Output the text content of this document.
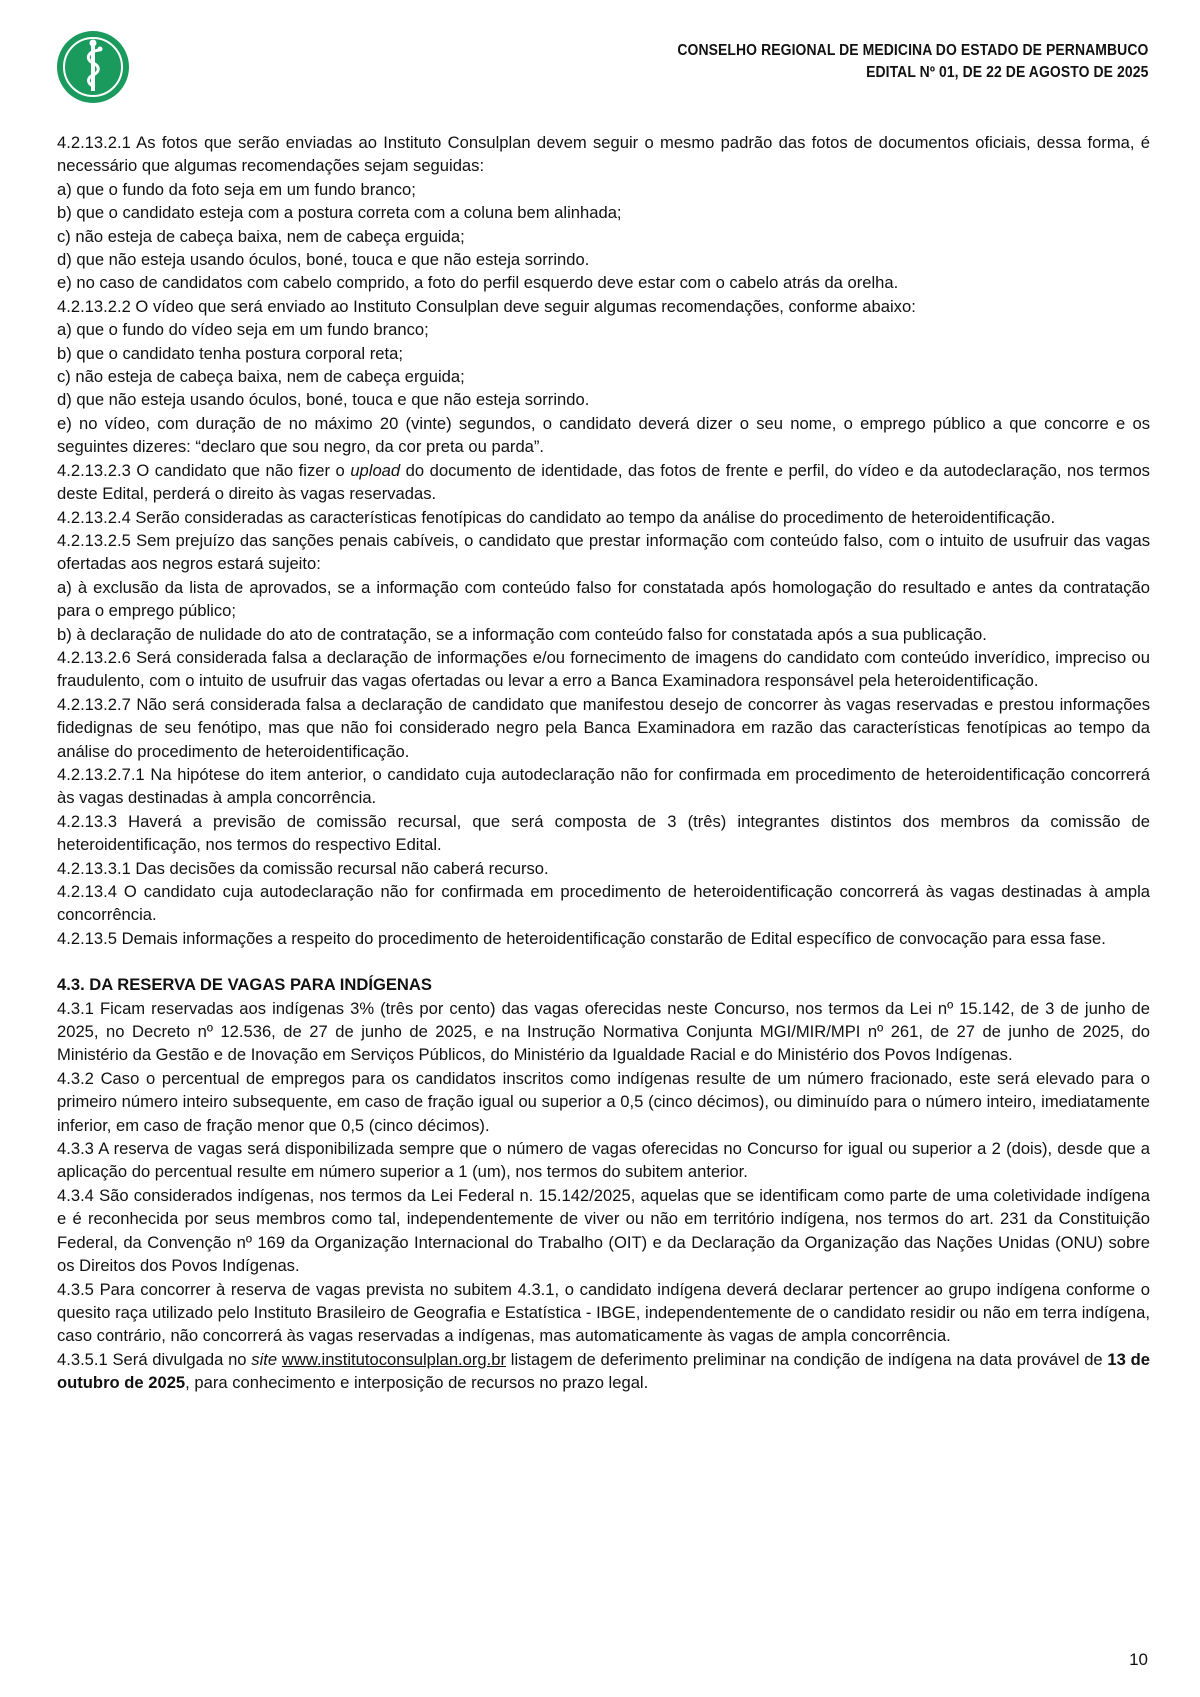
CONSELHO REGIONAL DE MEDICINA DO ESTADO DE PERNAMBUCO
EDITAL Nº 01, DE 22 DE AGOSTO DE 2025

4.2.13.2.1 As fotos que serão enviadas ao Instituto Consulplan devem seguir o mesmo padrão das fotos de documentos oficiais, dessa forma, é necessário que algumas recomendações sejam seguidas:

a) que o fundo da foto seja em um fundo branco;

b) que o candidato esteja com a postura correta com a coluna bem alinhada;

c) não esteja de cabeça baixa, nem de cabeça erguida;

d) que não esteja usando óculos, boné, touca e que não esteja sorrindo.

e) no caso de candidatos com cabelo comprido, a foto do perfil esquerdo deve estar com o cabelo atrás da orelha.

4.2.13.2.2 O vídeo que será enviado ao Instituto Consulplan deve seguir algumas recomendações, conforme abaixo:

a) que o fundo do vídeo seja em um fundo branco;

b) que o candidato tenha postura corporal reta;

c) não esteja de cabeça baixa, nem de cabeça erguida;

d) que não esteja usando óculos, boné, touca e que não esteja sorrindo.

e) no vídeo, com duração de no máximo 20 (vinte) segundos, o candidato deverá dizer o seu nome, o emprego público a que concorre e os seguintes dizeres: “declaro que sou negro, da cor preta ou parda”.

4.2.13.2.3 O candidato que não fizer o upload do documento de identidade, das fotos de frente e perfil, do vídeo e da autodeclaração, nos termos deste Edital, perderá o direito às vagas reservadas.

4.2.13.2.4 Serão consideradas as características fenotípicas do candidato ao tempo da análise do procedimento de heteroidentificação.

4.2.13.2.5 Sem prejuízo das sanções penais cabíveis, o candidato que prestar informação com conteúdo falso, com o intuito de usufruir das vagas ofertadas aos negros estará sujeito:

a) à exclusão da lista de aprovados, se a informação com conteúdo falso for constatada após homologação do resultado e antes da contratação para o emprego público;

b) à declaração de nulidade do ato de contratação, se a informação com conteúdo falso for constatada após a sua publicação.

4.2.13.2.6 Será considerada falsa a declaração de informações e/ou fornecimento de imagens do candidato com conteúdo inverídico, impreciso ou fraudulento, com o intuito de usufruir das vagas ofertadas ou levar a erro a Banca Examinadora responsável pela heteroidentificação.

4.2.13.2.7 Não será considerada falsa a declaração de candidato que manifestou desejo de concorrer às vagas reservadas e prestou informações fidedignas de seu fenótipo, mas que não foi considerado negro pela Banca Examinadora em razão das características fenotípicas ao tempo da análise do procedimento de heteroidentificação.

4.2.13.2.7.1 Na hipótese do item anterior, o candidato cuja autodeclaração não for confirmada em procedimento de heteroidentificação concorrerá às vagas destinadas à ampla concorrência.

4.2.13.3 Haverá a previsão de comissão recursal, que será composta de 3 (três) integrantes distintos dos membros da comissão de heteroidentificação, nos termos do respectivo Edital.

4.2.13.3.1 Das decisões da comissão recursal não caberá recurso.

4.2.13.4 O candidato cuja autodeclaração não for confirmada em procedimento de heteroidentificação concorrerá às vagas destinadas à ampla concorrência.

4.2.13.5 Demais informações a respeito do procedimento de heteroidentificação constarão de Edital específico de convocação para essa fase.

4.3. DA RESERVA DE VAGAS PARA INDÍGENAS

4.3.1 Ficam reservadas aos indígenas 3% (três por cento) das vagas oferecidas neste Concurso, nos termos da Lei nº 15.142, de 3 de junho de 2025, no Decreto nº 12.536, de 27 de junho de 2025, e na Instrução Normativa Conjunta MGI/MIR/MPI nº 261, de 27 de junho de 2025, do Ministério da Gestão e de Inovação em Serviços Públicos, do Ministério da Igualdade Racial e do Ministério dos Povos Indígenas.

4.3.2 Caso o percentual de empregos para os candidatos inscritos como indígenas resulte de um número fracionado, este será elevado para o primeiro número inteiro subsequente, em caso de fração igual ou superior a 0,5 (cinco décimos), ou diminuído para o número inteiro, imediatamente inferior, em caso de fração menor que 0,5 (cinco décimos).

4.3.3 A reserva de vagas será disponibilizada sempre que o número de vagas oferecidas no Concurso for igual ou superior a 2 (dois), desde que a aplicação do percentual resulte em número superior a 1 (um), nos termos do subitem anterior.

4.3.4 São considerados indígenas, nos termos da Lei Federal n. 15.142/2025, aquelas que se identificam como parte de uma coletividade indígena e é reconhecida por seus membros como tal, independentemente de viver ou não em território indígena, nos termos do art. 231 da Constituição Federal, da Convenção nº 169 da Organização Internacional do Trabalho (OIT) e da Declaração da Organização das Nações Unidas (ONU) sobre os Direitos dos Povos Indígenas.

4.3.5 Para concorrer à reserva de vagas prevista no subitem 4.3.1, o candidato indígena deverá declarar pertencer ao grupo indígena conforme o quesito raça utilizado pelo Instituto Brasileiro de Geografia e Estatística - IBGE, independentemente de o candidato residir ou não em terra indígena, caso contrário, não concorrerá às vagas reservadas a indígenas, mas automaticamente às vagas de ampla concorrência.

4.3.5.1 Será divulgada no site www.institutoconsulplan.org.br listagem de deferimento preliminar na condição de indígena na data provável de 13 de outubro de 2025, para conhecimento e interposição de recursos no prazo legal.

10
